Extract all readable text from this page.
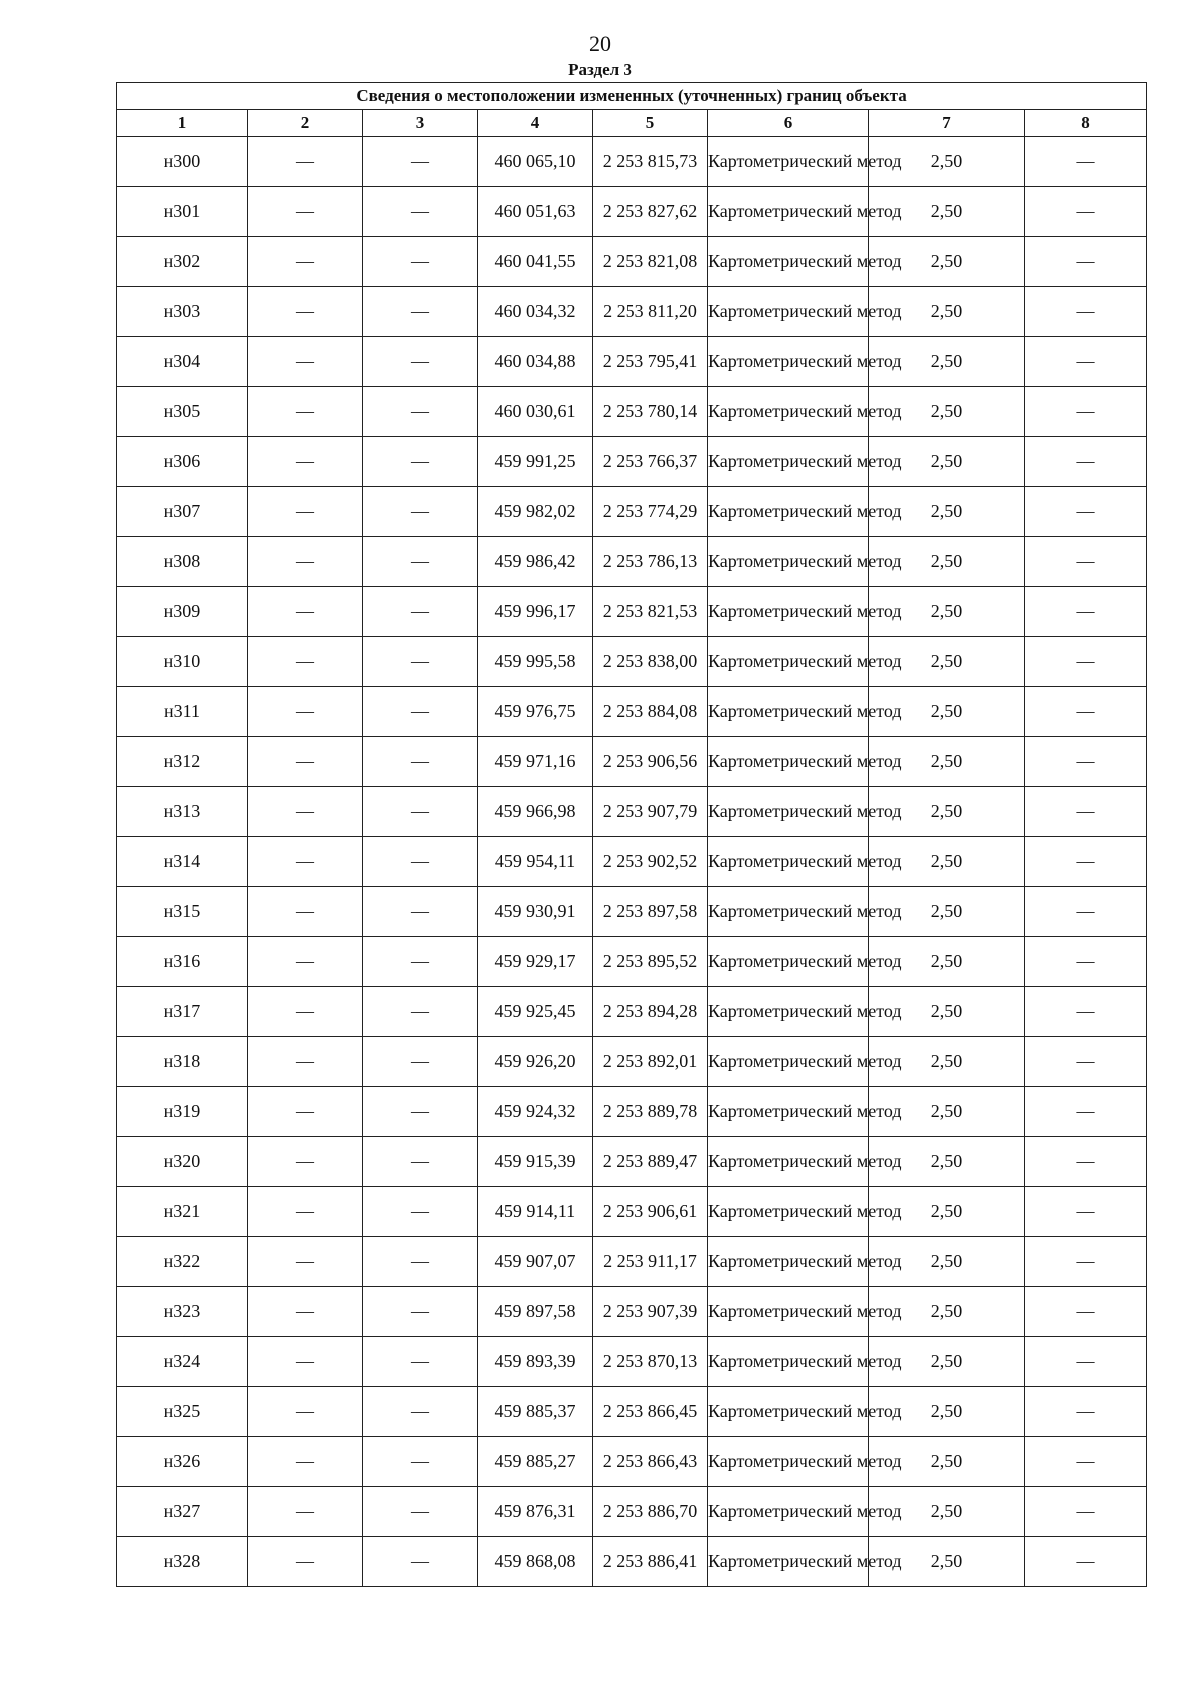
20
Раздел 3
Сведения о местоположении измененных (уточненных) границ объекта							
1	2	3	4	5	6	7	8
н300	—	—	460 065,10	2 253 815,73	Картометрический метод	2,50	—
н301	—	—	460 051,63	2 253 827,62	Картометрический метод	2,50	—
н302	—	—	460 041,55	2 253 821,08	Картометрический метод	2,50	—
н303	—	—	460 034,32	2 253 811,20	Картометрический метод	2,50	—
н304	—	—	460 034,88	2 253 795,41	Картометрический метод	2,50	—
н305	—	—	460 030,61	2 253 780,14	Картометрический метод	2,50	—
н306	—	—	459 991,25	2 253 766,37	Картометрический метод	2,50	—
н307	—	—	459 982,02	2 253 774,29	Картометрический метод	2,50	—
н308	—	—	459 986,42	2 253 786,13	Картометрический метод	2,50	—
н309	—	—	459 996,17	2 253 821,53	Картометрический метод	2,50	—
н310	—	—	459 995,58	2 253 838,00	Картометрический метод	2,50	—
н311	—	—	459 976,75	2 253 884,08	Картометрический метод	2,50	—
н312	—	—	459 971,16	2 253 906,56	Картометрический метод	2,50	—
н313	—	—	459 966,98	2 253 907,79	Картометрический метод	2,50	—
н314	—	—	459 954,11	2 253 902,52	Картометрический метод	2,50	—
н315	—	—	459 930,91	2 253 897,58	Картометрический метод	2,50	—
н316	—	—	459 929,17	2 253 895,52	Картометрический метод	2,50	—
н317	—	—	459 925,45	2 253 894,28	Картометрический метод	2,50	—
н318	—	—	459 926,20	2 253 892,01	Картометрический метод	2,50	—
н319	—	—	459 924,32	2 253 889,78	Картометрический метод	2,50	—
н320	—	—	459 915,39	2 253 889,47	Картометрический метод	2,50	—
н321	—	—	459 914,11	2 253 906,61	Картометрический метод	2,50	—
н322	—	—	459 907,07	2 253 911,17	Картометрический метод	2,50	—
н323	—	—	459 897,58	2 253 907,39	Картометрический метод	2,50	—
н324	—	—	459 893,39	2 253 870,13	Картометрический метод	2,50	—
н325	—	—	459 885,37	2 253 866,45	Картометрический метод	2,50	—
н326	—	—	459 885,27	2 253 866,43	Картометрический метод	2,50	—
н327	—	—	459 876,31	2 253 886,70	Картометрический метод	2,50	—
н328	—	—	459 868,08	2 253 886,41	Картометрический метод	2,50	—
